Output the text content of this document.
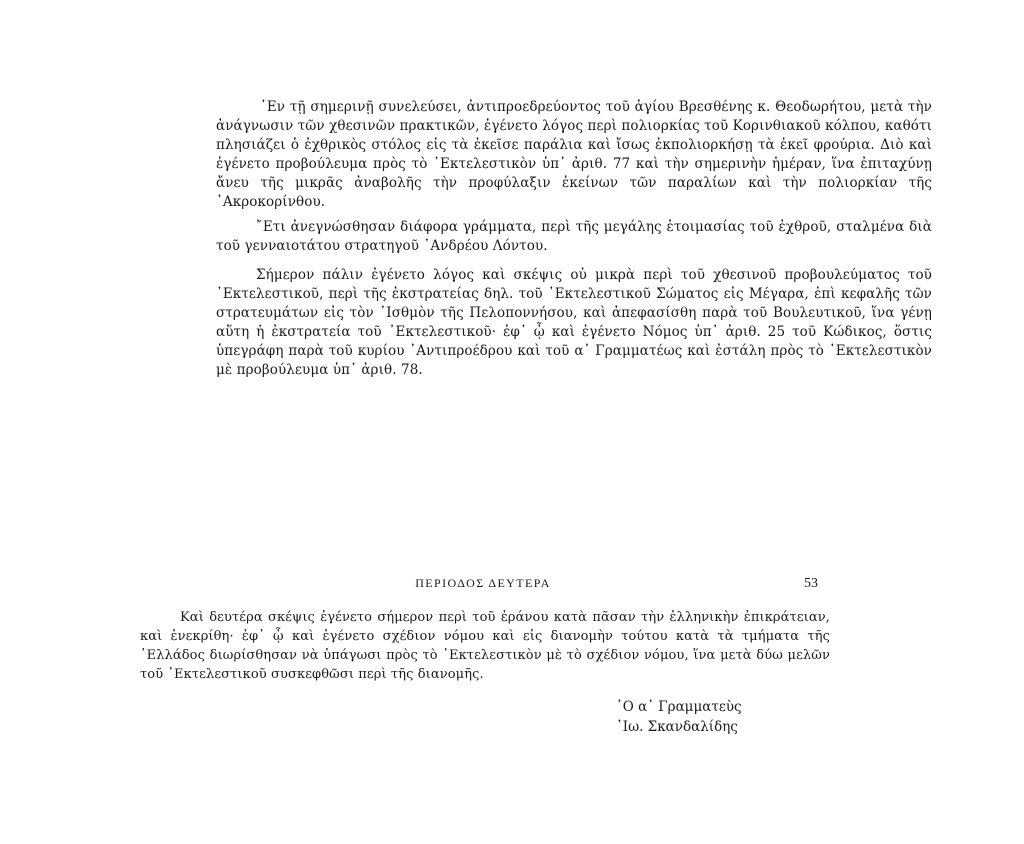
᾿Εν τῇ σημερινῇ συνελεύσει, ἀντιπροεδρεύοντος τοῦ ἁγίου Βρεσθένης κ. Θεοδωρήτου, μετὰ τὴν ἀνάγνωσιν τῶν χθεσινῶν πρακτικῶν, ἐγένετο λόγος περὶ πολιορκίας τοῦ Κορινθιακοῦ κόλπου, καθότι πλησιάζει ὁ ἐχθρικὸς στόλος εἰς τὰ ἐκεῖσε παράλια καὶ ἴσως ἐκπολιορκήσῃ τὰ ἐκεῖ φρούρια. Διὸ καὶ ἐγένετο προβούλευμα πρὸς τὸ ᾿Εκτελεστικὸν ὑπ᾿ ἀριθ. 77 καὶ τὴν σημερινὴν ἡμέραν, ἵνα ἐπιταχύνῃ ἄνευ τῆς μικρᾶς ἀναβολῆς τὴν προφύλαξιν ἐκείνων τῶν παραλίων καὶ τὴν πολιορκίαν τῆς ᾿Ακροκορίνθου.

῎Ετι ἀνεγνώσθησαν διάφορα γράμματα, περὶ τῆς μεγάλης ἑτοιμασίας τοῦ ἐχθροῦ, σταλμένα διὰ τοῦ γενναιοτάτου στρατηγοῦ ᾿Ανδρέου Λόντου.

Σήμερον πάλιν ἐγένετο λόγος καὶ σκέψις οὐ μικρὰ περὶ τοῦ χθεσινοῦ προβουλεύματος τοῦ ᾿Εκτελεστικοῦ, περὶ τῆς ἐκστρατείας δηλ. τοῦ ᾿Εκτελεστικοῦ Σώματος εἰς Μέγαρα, ἐπὶ κεφαλῆς τῶν στρατευμάτων εἰς τὸν ᾿Ισθμὸν τῆς Πελοποννήσου, καὶ ἀπεφασίσθη παρὰ τοῦ Βουλευτικοῦ, ἵνα γένῃ αὕτη ἡ ἐκστρατεία τοῦ ᾿Εκτελεστικοῦ· ἐφ᾿ ᾧ καὶ ἐγένετο Νόμος ὑπ᾿ ἀριθ. 25 τοῦ Κώδικος, ὅστις ὑπεγράφη παρὰ τοῦ κυρίου ᾿Αντιπροέδρου καὶ τοῦ α᾿ Γραμματέως καὶ ἐστάλη πρὸς τὸ ᾿Εκτελεστικὸν μὲ προβούλευμα ὑπ᾿ ἀριθ. 78.

ΠΕΡΙΟΔΟΣ ΔΕΥΤΕΡΑ	53

Καὶ δευτέρα σκέψις ἐγένετο σήμερον περὶ τοῦ ἐράνου κατὰ πᾶσαν τὴν ἑλληνικὴν ἐπικράτειαν, καὶ ἐνεκρίθη· ἐφ᾿ ᾧ καὶ ἐγένετο σχέδιον νόμου καὶ εἰς διανομὴν τούτου κατὰ τὰ τμήματα τῆς ῾Ελλάδος διωρίσθησαν νὰ ὑπάγωσι πρὸς τὸ ᾿Εκτελεστικὸν μὲ τὸ σχέδιον νόμου, ἵνα μετὰ δύω μελῶν τοῦ ᾿Εκτελεστικοῦ συσκεφθῶσι περὶ τῆς διανομῆς.

῾Ο α᾿ Γραμματεὺς
᾿Ιω. Σκανδαλίδης
